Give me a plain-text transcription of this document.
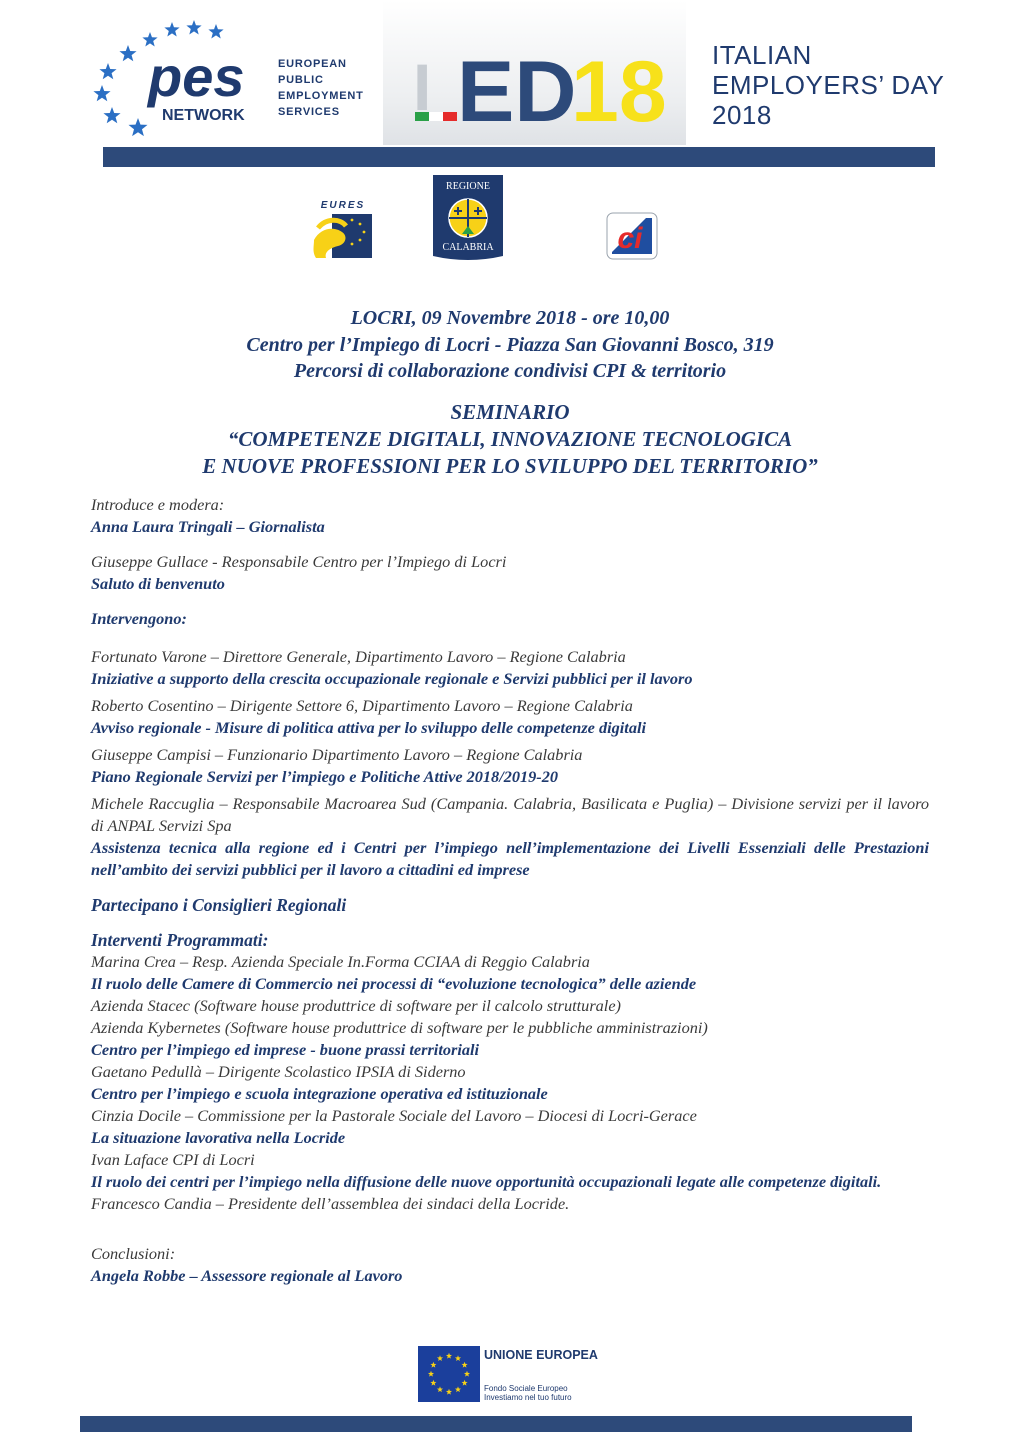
pes
NETWORK
EUROPEAN
PUBLIC
EMPLOYMENT
SERVICES	I ED
18 ITALIAN
EMPLOYERS’ DAY
2018
EURES
REGIONE
CALABRIA	ci
LOCRI, 09 Novembre 2018 - ore 10,00
Centro per l’Impiego di Locri - Piazza San Giovanni Bosco, 319
Percorsi di collaborazione condivisi CPI & territorio
SEMINARIO
“COMPETENZE DIGITALI, INNOVAZIONE TECNOLOGICA
E NUOVE PROFESSIONI PER LO SVILUPPO DEL TERRITORIO”

Introduce e modera:

Anna Laura Tringali – Giornalista

Giuseppe Gullace - Responsabile Centro per l’Impiego di Locri

Saluto di benvenuto

Intervengono:

Fortunato Varone – Direttore Generale, Dipartimento Lavoro – Regione Calabria

Iniziative a supporto della crescita occupazionale regionale e Servizi pubblici per il lavoro

Roberto Cosentino – Dirigente Settore 6, Dipartimento Lavoro – Regione Calabria

Avviso regionale - Misure di politica attiva per lo sviluppo delle competenze digitali

Giuseppe Campisi – Funzionario Dipartimento Lavoro – Regione Calabria

Piano Regionale Servizi per l’impiego e Politiche Attive 2018/2019-20

Michele Raccuglia – Responsabile Macroarea Sud (Campania. Calabria, Basilicata e Puglia) – Divisione servizi per il lavoro di ANPAL Servizi Spa

Assistenza tecnica alla regione ed i Centri per l’impiego nell’implementazione dei Livelli Essenziali delle Prestazioni nell’ambito dei servizi pubblici per il lavoro a cittadini ed imprese

Partecipano i Consiglieri Regionali

Interventi Programmati:

Marina Crea – Resp. Azienda Speciale In.Forma CCIAA di Reggio Calabria

Il ruolo delle Camere di Commercio nei processi di “evoluzione tecnologica” delle aziende

Azienda Stacec (Software house produttrice di software per il calcolo strutturale)

Azienda Kybernetes (Software house produttrice di software per le pubbliche amministrazioni)

Centro per l’impiego ed imprese - buone prassi territoriali

Gaetano Pedullà – Dirigente Scolastico IPSIA di Siderno

Centro per l’impiego e scuola integrazione operativa ed istituzionale

Cinzia Docile – Commissione per la Pastorale Sociale del Lavoro – Diocesi di Locri-Gerace

La situazione lavorativa nella Locride

Ivan Laface CPI di Locri

Il ruolo dei centri per l’impiego nella diffusione delle nuove opportunità occupazionali legate alle competenze digitali.

Francesco Candia – Presidente dell’assemblea dei sindaci della Locride.

Conclusioni:

Angela Robbe – Assessore regionale al Lavoro

UNIONE EUROPEA
Fondo Sociale Europeo
Investiamo nel tuo futuro
